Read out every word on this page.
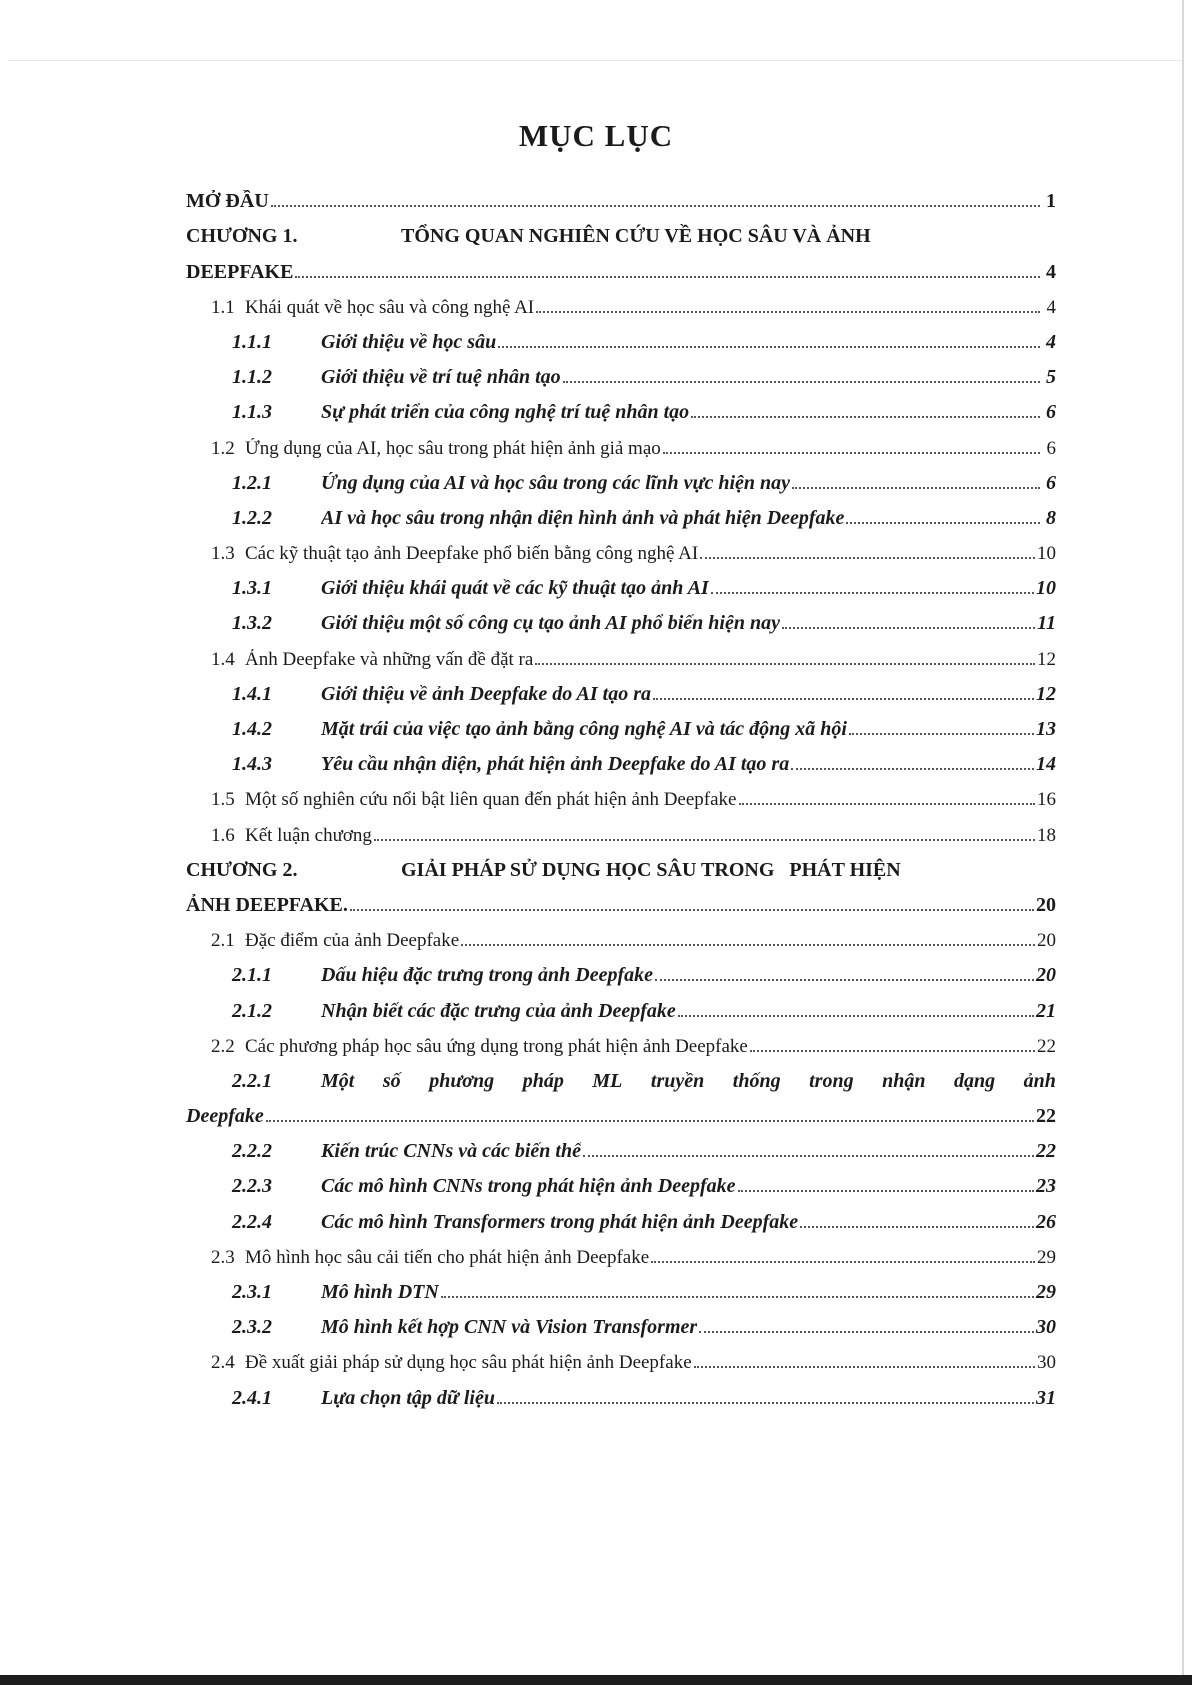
MỤC LỤC
MỞ ĐẦU	1
CHƯƠNG 1.	TỔNG QUAN NGHIÊN CỨU VỀ HỌC SÂU VÀ ẢNH
DEEPFAKE	4
1.1 Khái quát về học sâu và công nghệ AI	4
1.1.1	Giới thiệu về học sâu	4
1.1.2	Giới thiệu về trí tuệ nhân tạo	5
1.1.3	Sự phát triển của công nghệ trí tuệ nhân tạo	6
1.2 Ứng dụng của AI, học sâu trong phát hiện ảnh giả mạo	6
1.2.1	Ứng dụng của AI và học sâu trong các lĩnh vực hiện nay	6
1.2.2	AI và học sâu trong nhận diện hình ảnh và phát hiện Deepfake	8
1.3 Các kỹ thuật tạo ảnh Deepfake phổ biến bằng công nghệ AI	10
1.3.1	Giới thiệu khái quát về các kỹ thuật tạo ảnh AI	10
1.3.2	Giới thiệu một số công cụ tạo ảnh AI phổ biến hiện nay	11
1.4 Ảnh Deepfake và những vấn đề đặt ra	12
1.4.1	Giới thiệu về ảnh Deepfake do AI tạo ra	12
1.4.2	Mặt trái của việc tạo ảnh bằng công nghệ AI và tác động xã hội	13
1.4.3	Yêu cầu nhận diện, phát hiện ảnh Deepfake do AI tạo ra	14
1.5 Một số nghiên cứu nổi bật liên quan đến phát hiện ảnh Deepfake	16
1.6 Kết luận chương	18
CHƯƠNG 2.	GIẢI PHÁP SỬ DỤNG HỌC SÂU TRONG   PHÁT HIỆN
ẢNH DEEPFAKE.	20
2.1 Đặc điểm của ảnh Deepfake	20
2.1.1	Dấu hiệu đặc trưng trong ảnh Deepfake	20
2.1.2	Nhận biết các đặc trưng của ảnh Deepfake	21
2.2 Các phương pháp học sâu ứng dụng trong phát hiện ảnh Deepfake	22
2.2.1	Một số phương pháp ML truyền thống trong nhận dạng ảnh
Deepfake	22
2.2.2	Kiến trúc CNNs và các biến thể	22
2.2.3	Các mô hình CNNs trong phát hiện ảnh Deepfake	23
2.2.4	Các mô hình Transformers trong phát hiện ảnh Deepfake	26
2.3 Mô hình học sâu cải tiến cho phát hiện ảnh Deepfake	29
2.3.1	Mô hình DTN	29
2.3.2	Mô hình kết hợp CNN và Vision Transformer	30
2.4 Đề xuất giải pháp sử dụng học sâu phát hiện ảnh Deepfake	30
2.4.1	Lựa chọn tập dữ liệu	31
